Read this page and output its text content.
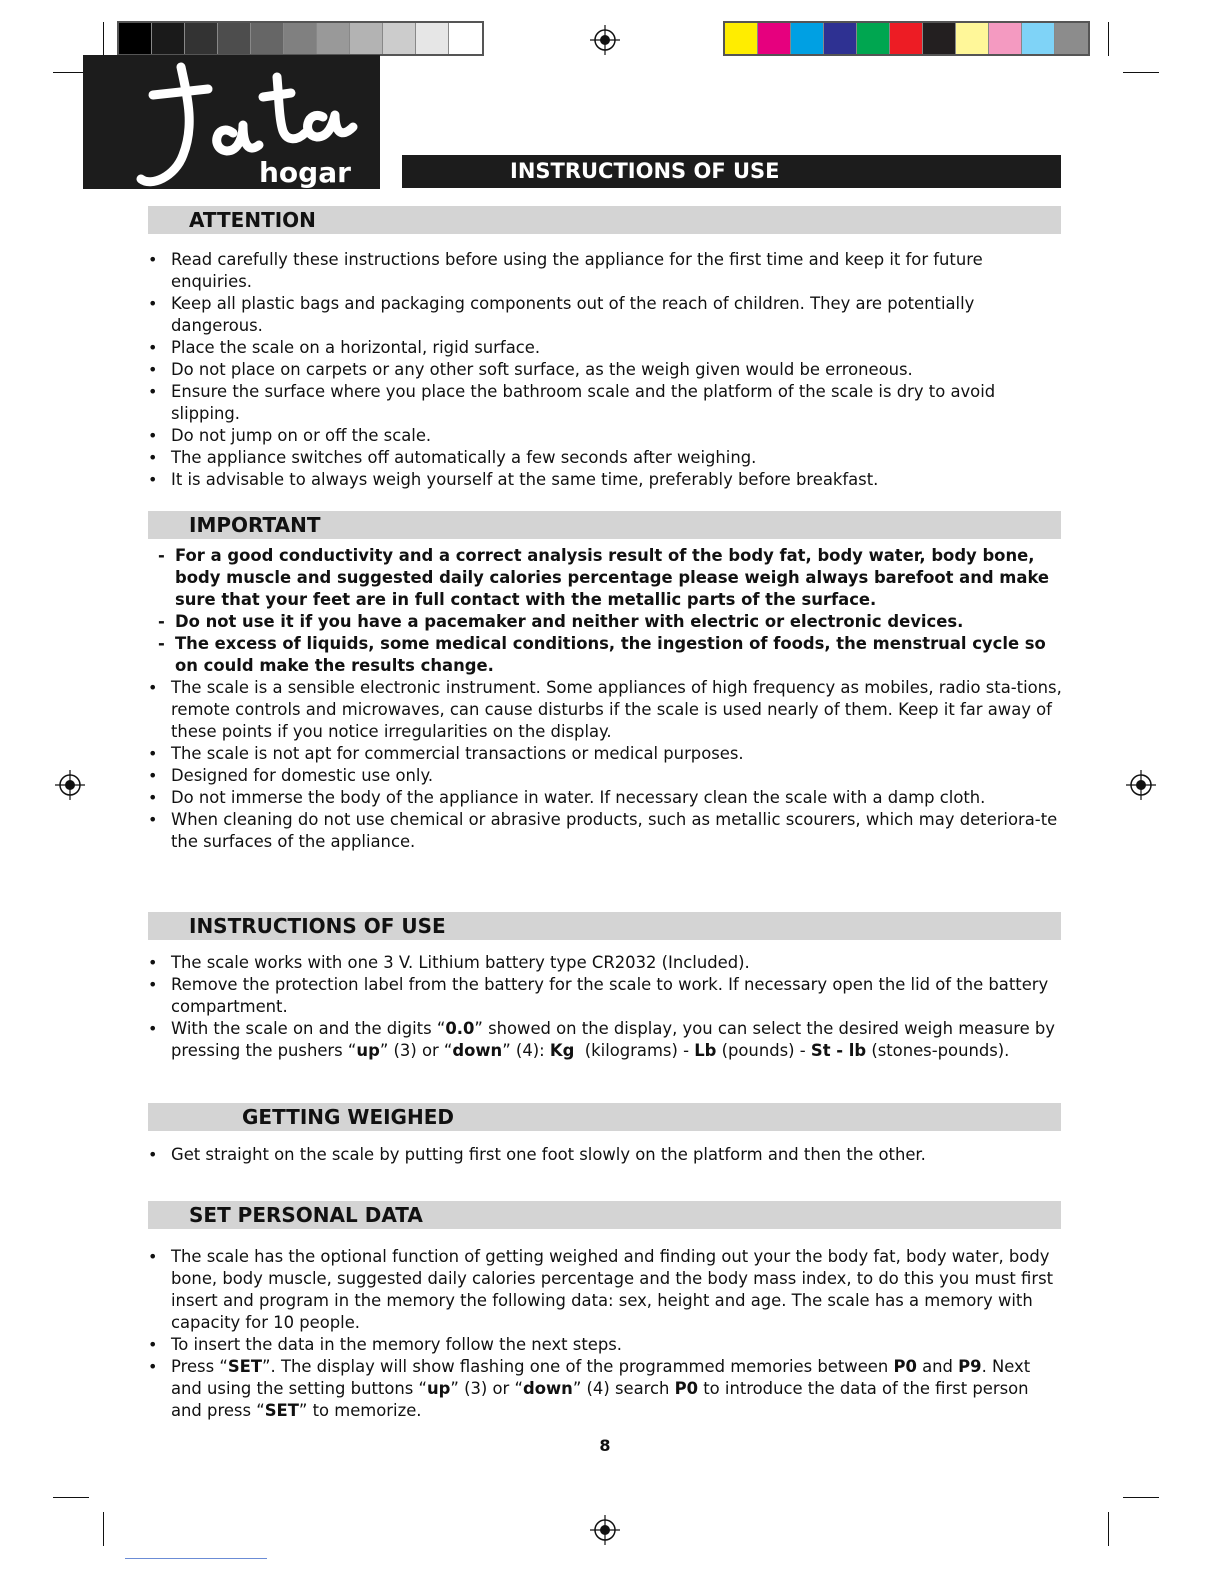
hogar	INSTRUCTIONS OF USE
ATTENTION
• Read carefully these instructions before using the appliance for the first time and keep it for future enquiries.
• Keep all plastic bags and packaging components out of the reach of children. They are potentially dangerous.
• Place the scale on a horizontal, rigid surface.
• Do not place on carpets or any other soft surface, as the weigh given would be erroneous.
• Ensure the surface where you place the bathroom scale and the platform of the scale is dry to avoid slipping.
• Do not jump on or off the scale.
• The appliance switches off automatically a few seconds after weighing.
• It is advisable to always weigh yourself at the same time, preferably before breakfast.
IMPORTANT
- For a good conductivity and a correct analysis result of the body fat, body water, body bone, body muscle and suggested daily calories percentage please weigh always barefoot and make sure that your feet are in full contact with the metallic parts of the surface.
- Do not use it if you have a pacemaker and neither with electric or electronic devices.
- The excess of liquids, some medical conditions, the ingestion of foods, the menstrual cycle so on could make the results change.
• The scale is a sensible electronic instrument. Some appliances of high frequency as mobiles, radio sta-tions, remote controls and microwaves, can cause disturbs if the scale is used nearly of them. Keep it far away of these points if you notice irregularities on the display.
• The scale is not apt for commercial transactions or medical purposes.
• Designed for domestic use only.
• Do not immerse the body of the appliance in water. If necessary clean the scale with a damp cloth.
• When cleaning do not use chemical or abrasive products, such as metallic scourers, which may deteriora-te the surfaces of the appliance.
INSTRUCTIONS OF USE
• The scale works with one 3 V. Lithium battery type CR2032 (Included).
• Remove the protection label from the battery for the scale to work. If necessary open the lid of the battery compartment.
• With the scale on and the digits “0.0” showed on the display, you can select the desired weigh measure by pressing the pushers “up” (3) or “down” (4): Kg  (kilograms) - Lb (pounds) - St - lb (stones-pounds).
GETTING WEIGHED
• Get straight on the scale by putting first one foot slowly on the platform and then the other.
SET PERSONAL DATA
• The scale has the optional function of getting weighed and finding out your the body fat, body water, body bone, body muscle, suggested daily calories percentage and the body mass index, to do this you must first insert and program in the memory the following data: sex, height and age. The scale has a memory with capacity for 10 people.
• To insert the data in the memory follow the next steps.
• Press “SET”. The display will show flashing one of the programmed memories between P0 and P9. Next and using the setting buttons “up” (3) or “down” (4) search P0 to introduce the data of the first person and press “SET” to memorize.
8
